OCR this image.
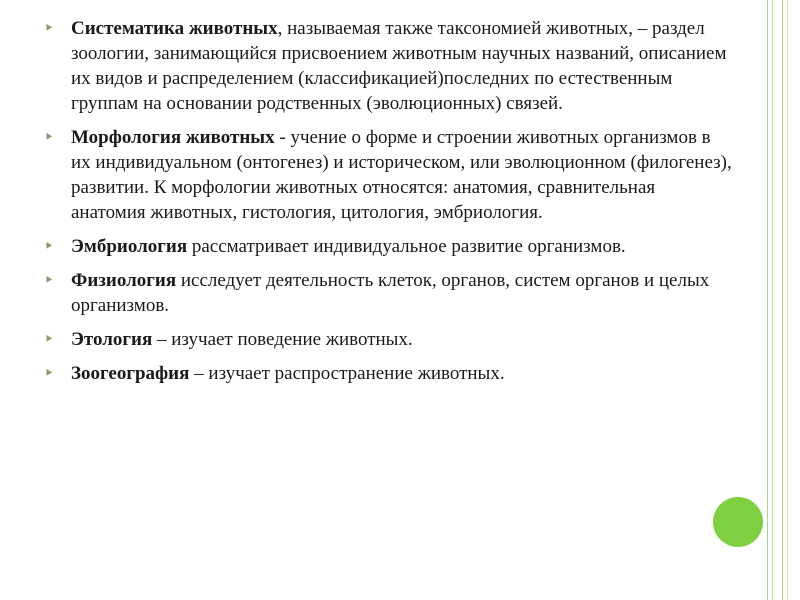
⯈ Систематика животных, называемая также таксономией животных, – раздел зоологии, занимающийся присвоением животным научных названий, описанием их видов и распределением (классификацией)последних по естественным группам на основании родственных (эволюционных) связей.
⯈ Морфология животных - учение о форме и строении животных организмов в их индивидуальном (онтогенез) и историческом, или эволюционном (филогенез), развитии. К морфологии животных относятся: анатомия, сравнительная анатомия животных, гистология, цитология, эмбриология.
⯈ Эмбриология рассматривает индивидуальное развитие организмов.
⯈ Физиология исследует деятельность клеток, органов, систем органов и целых организмов.
⯈ Этология – изучает поведение животных.
⯈ Зоогеография – изучает распространение животных.
